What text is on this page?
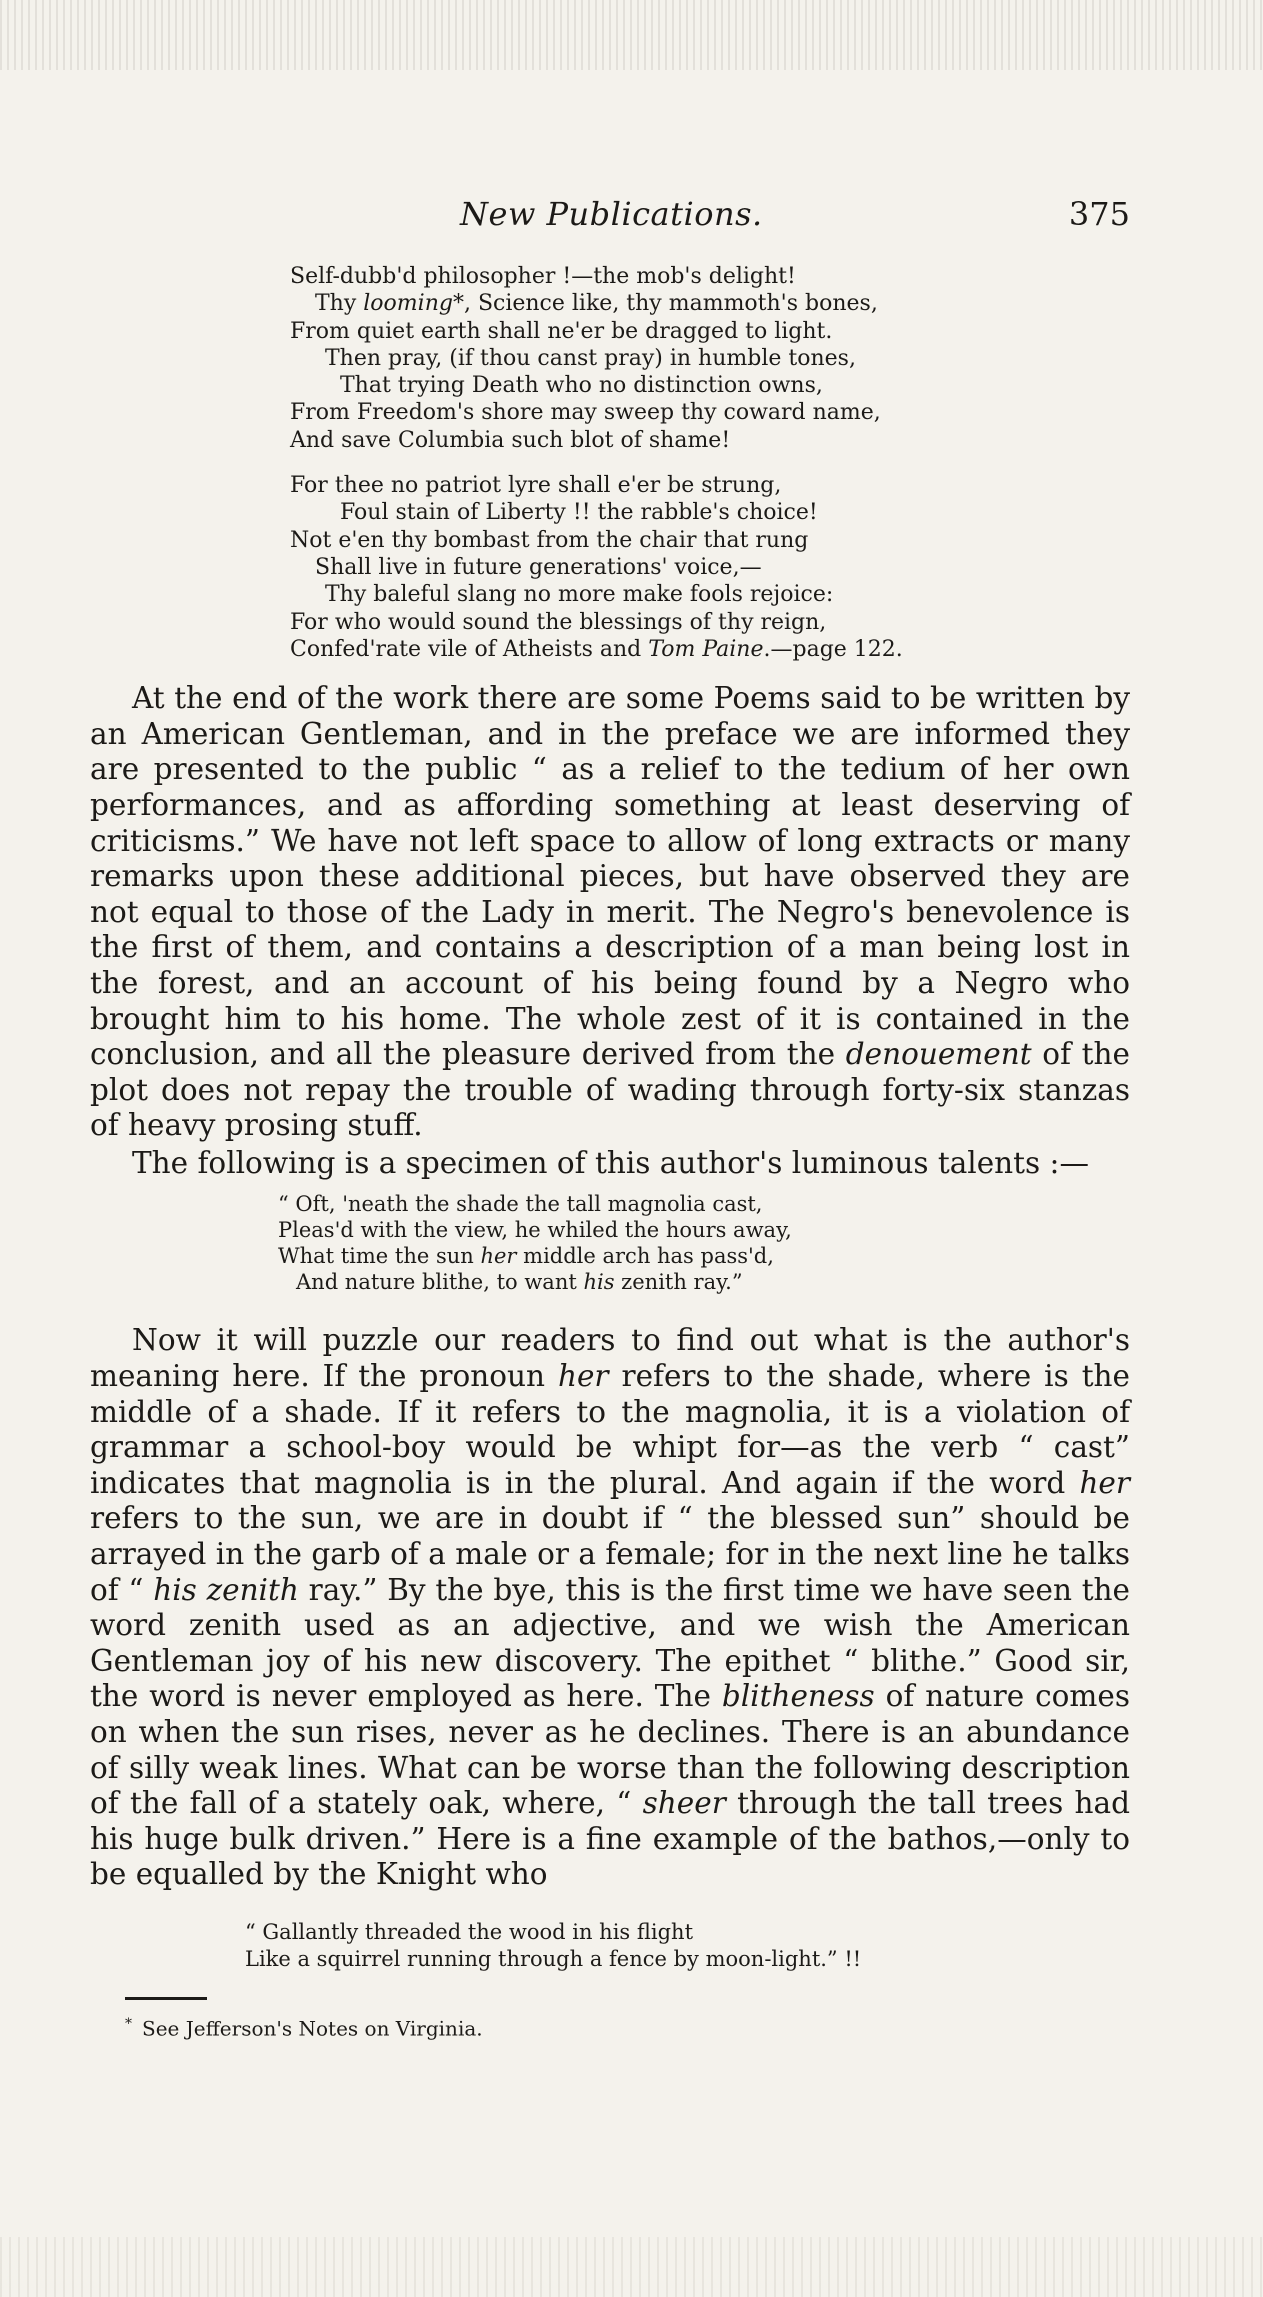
New Publications.	375
Self-dubb'd philosopher !—the mob's delight!
Thy looming*, Science like, thy mammoth's bones,
From quiet earth shall ne'er be dragged to light.
Then pray, (if thou canst pray) in humble tones,
That trying Death who no distinction owns,
From Freedom's shore may sweep thy coward name,
And save Columbia such blot of shame!
For thee no patriot lyre shall e'er be strung,
Foul stain of Liberty !! the rabble's choice!
Not e'en thy bombast from the chair that rung
Shall live in future generations' voice,—
Thy baleful slang no more make fools rejoice:
For who would sound the blessings of thy reign,
Confed'rate vile of Atheists and Tom Paine.—page 122.

At the end of the work there are some Poems said to be written by an American Gentleman, and in the preface we are informed they are presented to the public “ as a relief to the tedium of her own performances, and as affording something at least deserving of criticisms.” We have not left space to allow of long extracts or many remarks upon these additional pieces, but have observed they are not equal to those of the Lady in merit. The Negro's benevolence is the first of them, and contains a description of a man being lost in the forest, and an account of his being found by a Negro who brought him to his home. The whole zest of it is contained in the conclusion, and all the pleasure derived from the denouement of the plot does not repay the trouble of wading through forty-six stanzas of heavy prosing stuff.

The following is a specimen of this author's luminous talents :—

“ Oft, 'neath the shade the tall magnolia cast,
Pleas'd with the view, he whiled the hours away,
What time the sun her middle arch has pass'd,
And nature blithe, to want his zenith ray.”

Now it will puzzle our readers to find out what is the author's meaning here. If the pronoun her refers to the shade, where is the middle of a shade. If it refers to the magnolia, it is a violation of grammar a school-boy would be whipt for—as the verb “ cast” indicates that magnolia is in the plural. And again if the word her refers to the sun, we are in doubt if “ the blessed sun” should be arrayed in the garb of a male or a female; for in the next line he talks of “ his zenith ray.” By the bye, this is the first time we have seen the word zenith used as an adjective, and we wish the American Gentleman joy of his new discovery. The epithet “ blithe.” Good sir, the word is never employed as here. The blitheness of nature comes on when the sun rises, never as he declines. There is an abundance of silly weak lines. What can be worse than the following description of the fall of a stately oak, where, “ sheer through the tall trees had his huge bulk driven.” Here is a fine example of the bathos,—only to be equalled by the Knight who

“ Gallantly threaded the wood in his flight
Like a squirrel running through a fence by moon-light.” !!
* See Jefferson's Notes on Virginia.
